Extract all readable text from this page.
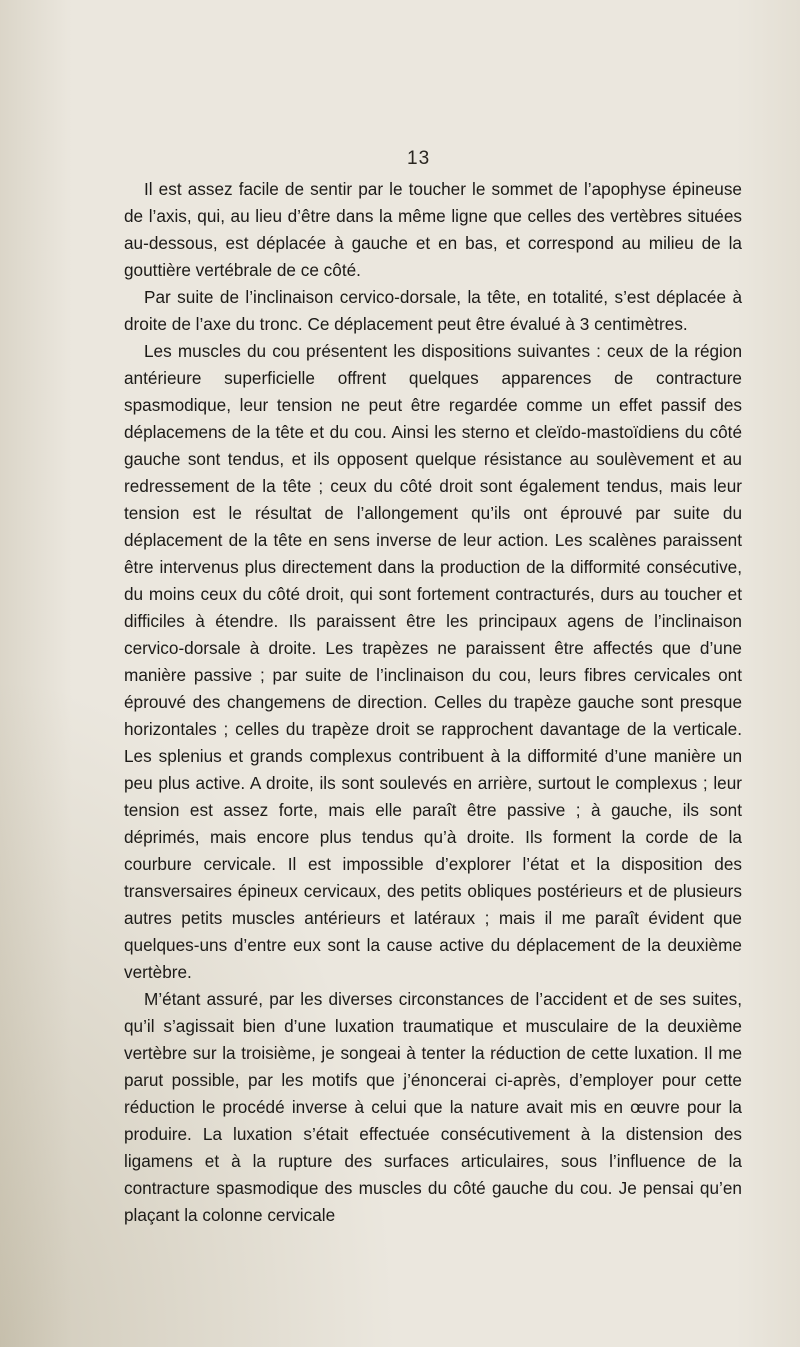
13

Il est assez facile de sentir par le toucher le sommet de l’apophyse épineuse de l’axis, qui, au lieu d’être dans la même ligne que celles des vertèbres situées au-dessous, est déplacée à gauche et en bas, et correspond au milieu de la gouttière vertébrale de ce côté.

Par suite de l’inclinaison cervico-dorsale, la tête, en totalité, s’est déplacée à droite de l’axe du tronc. Ce déplacement peut être évalué à 3 centimètres.

Les muscles du cou présentent les dispositions suivantes : ceux de la région antérieure superficielle offrent quelques apparences de contracture spasmodique, leur tension ne peut être regardée comme un effet passif des déplacemens de la tête et du cou. Ainsi les sterno et cleïdo-mastoïdiens du côté gauche sont tendus, et ils opposent quelque résistance au soulèvement et au redressement de la tête ; ceux du côté droit sont également tendus, mais leur tension est le résultat de l’allongement qu’ils ont éprouvé par suite du déplacement de la tête en sens inverse de leur action. Les scalènes paraissent être intervenus plus directement dans la production de la difformité consécutive, du moins ceux du côté droit, qui sont fortement contracturés, durs au toucher et difficiles à étendre. Ils paraissent être les principaux agens de l’inclinaison cervico-dorsale à droite. Les trapèzes ne paraissent être affectés que d’une manière passive ; par suite de l’inclinaison du cou, leurs fibres cervicales ont éprouvé des changemens de direction. Celles du trapèze gauche sont presque horizontales ; celles du trapèze droit se rapprochent davantage de la verticale. Les splenius et grands complexus contribuent à la difformité d’une manière un peu plus active. A droite, ils sont soulevés en arrière, surtout le complexus ; leur tension est assez forte, mais elle paraît être passive ; à gauche, ils sont déprimés, mais encore plus tendus qu’à droite. Ils forment la corde de la courbure cervicale. Il est impossible d’explorer l’état et la disposition des transversaires épineux cervicaux, des petits obliques postérieurs et de plusieurs autres petits muscles antérieurs et latéraux ; mais il me paraît évident que quelques-uns d’entre eux sont la cause active du déplacement de la deuxième vertèbre.

M’étant assuré, par les diverses circonstances de l’accident et de ses suites, qu’il s’agissait bien d’une luxation traumatique et musculaire de la deuxième vertèbre sur la troisième, je songeai à tenter la réduction de cette luxation. Il me parut possible, par les motifs que j’énoncerai ci-après, d’employer pour cette réduction le procédé inverse à celui que la nature avait mis en œuvre pour la produire. La luxation s’était effectuée consécutivement à la distension des ligamens et à la rupture des surfaces articulaires, sous l’influence de la contracture spasmodique des muscles du côté gauche du cou. Je pensai qu’en plaçant la colonne cervicale
